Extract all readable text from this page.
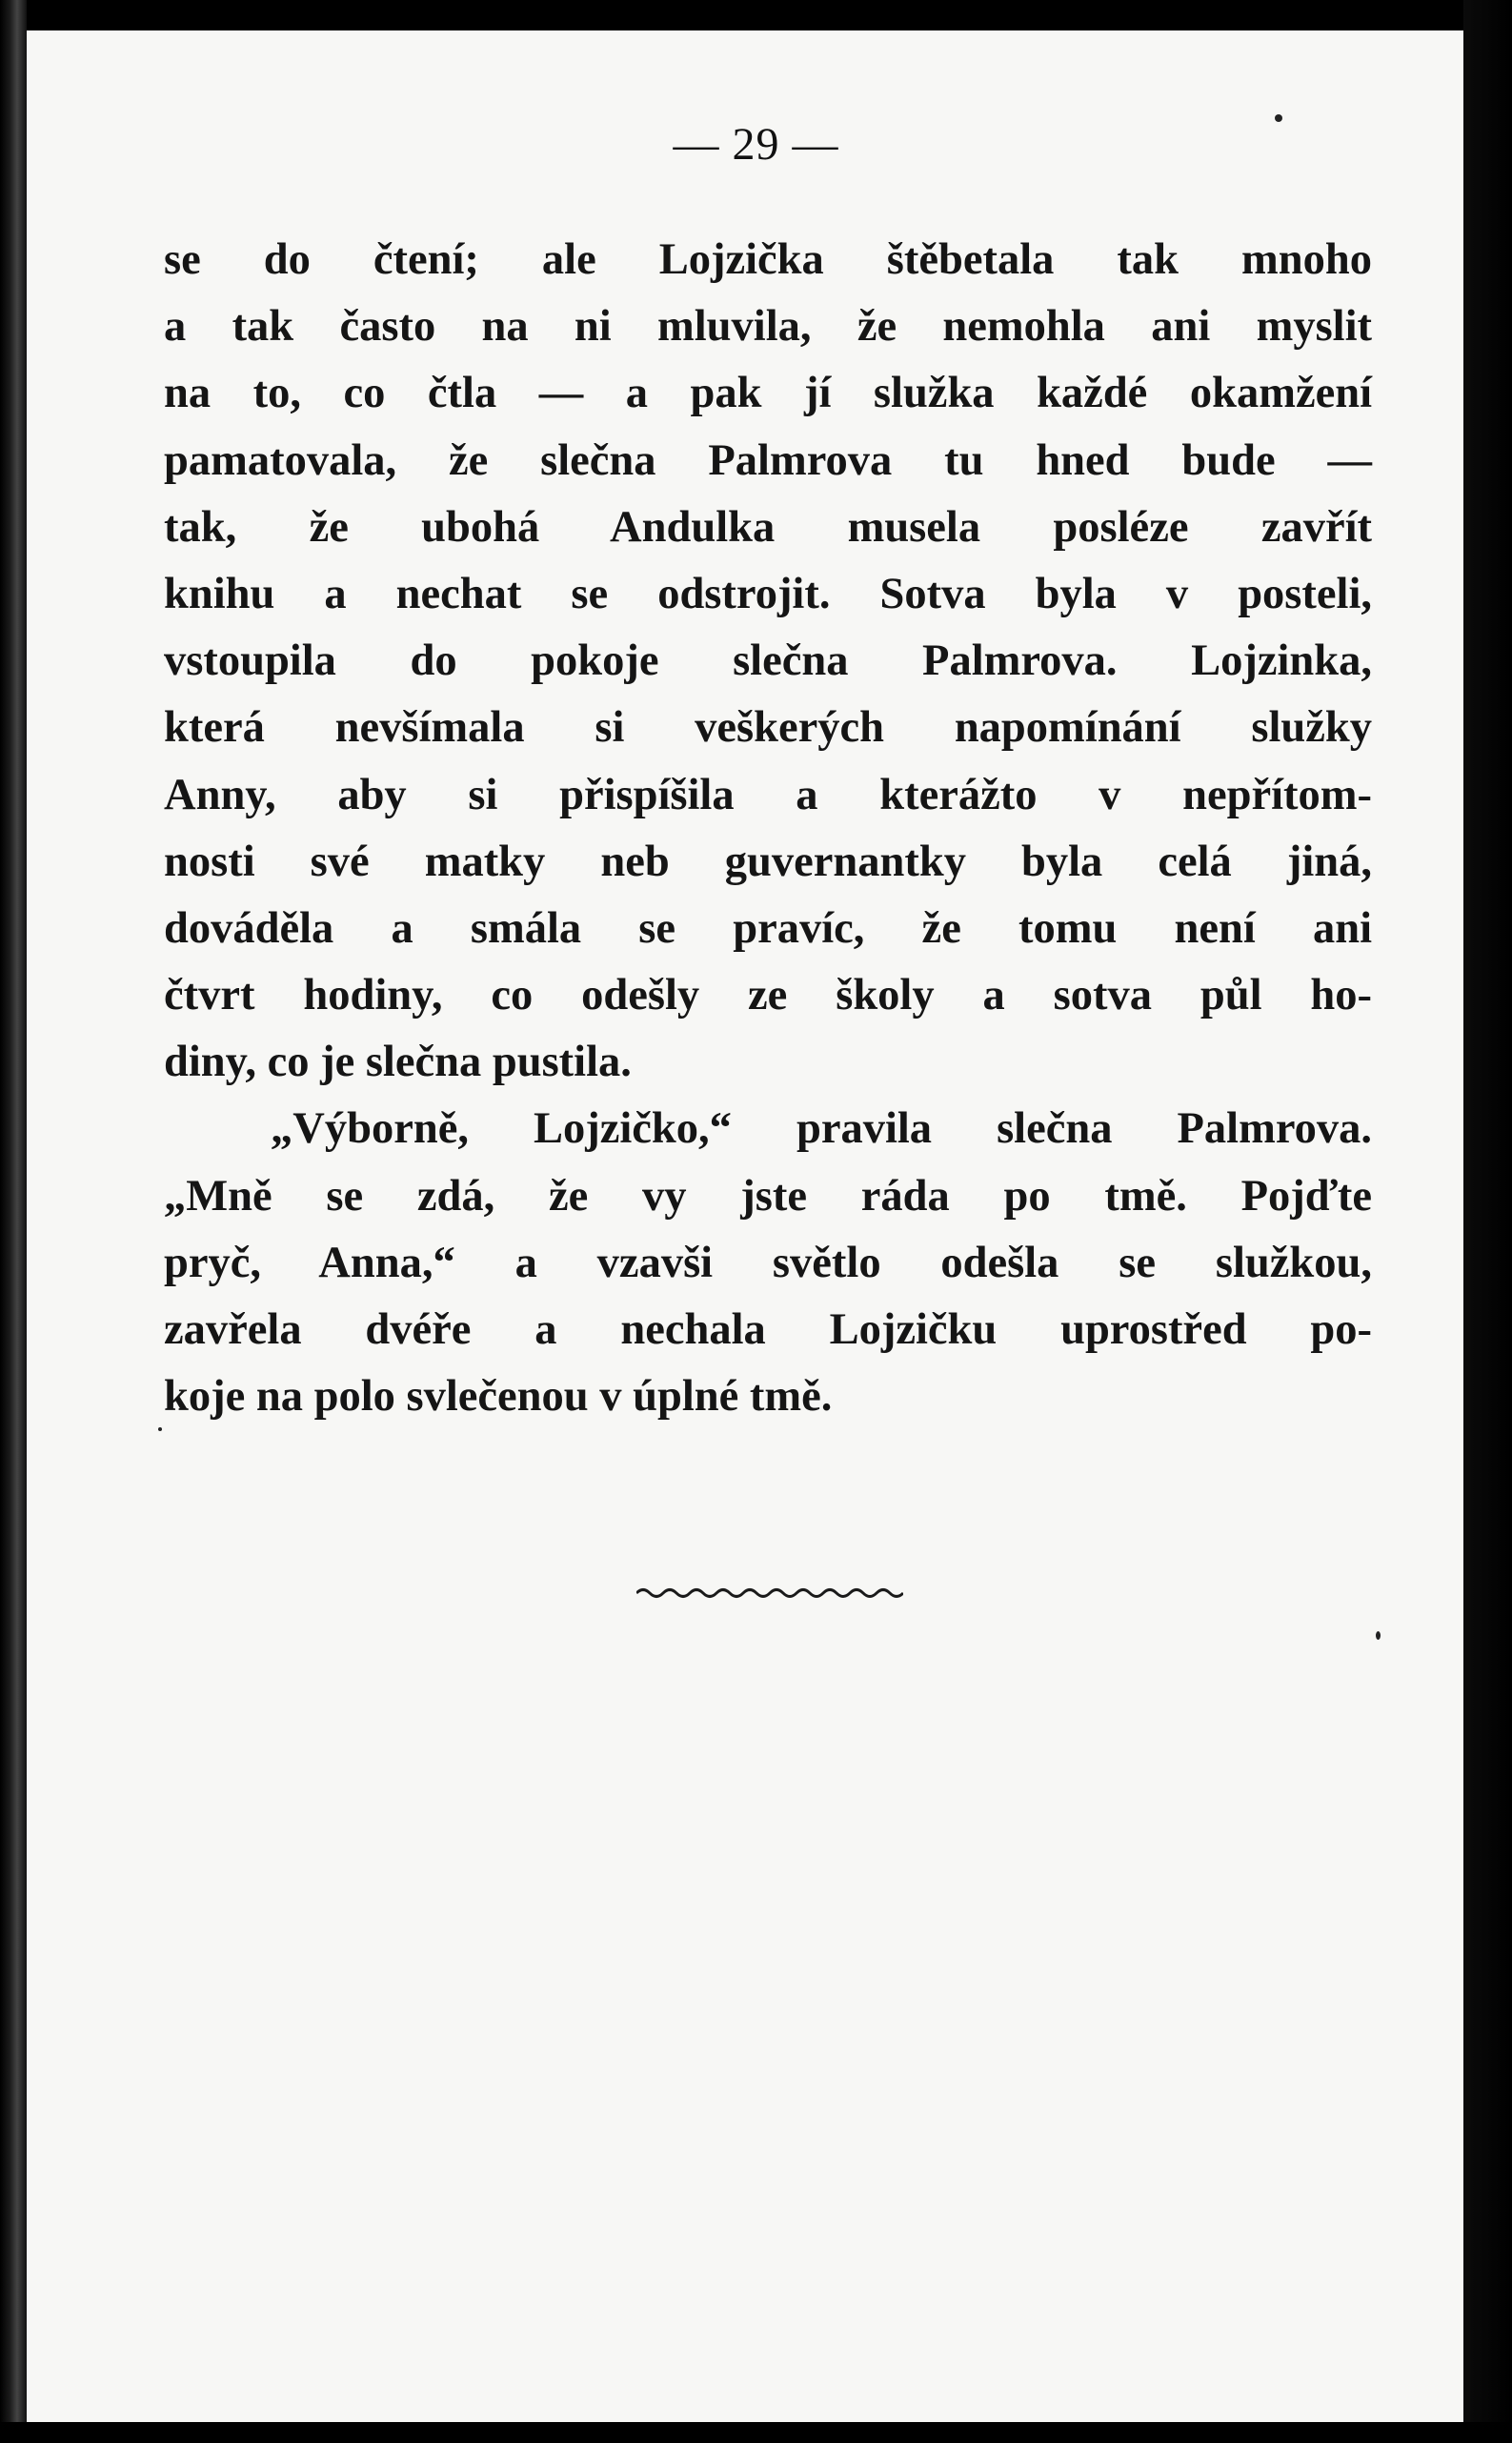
— 29 —
se do čtení; ale Lojzička štěbetala tak mnoho
a tak často na ni mluvila, že nemohla ani myslit
na to, co čtla — a pak jí služka každé okamžení
pamatovala, že slečna Palmrova tu hned bude —
tak, že ubohá Andulka musela posléze zavřít
knihu a nechat se odstrojit. Sotva byla v posteli,
vstoupila do pokoje slečna Palmrova. Lojzinka,
která nevšímala si veškerých napomínání služky
Anny, aby si přispíšila a kterážto v nepřítom-
nosti své matky neb guvernantky byla celá jiná,
dováděla a smála se pravíc, že tomu není ani
čtvrt hodiny, co odešly ze školy a sotva půl ho-
diny, co je slečna pustila.
„Výborně, Lojzičko,“ pravila slečna Palmrova.
„Mně se zdá, že vy jste ráda po tmě. Pojďte
pryč, Anna,“ a vzavši světlo odešla se služkou,
zavřela dvéře a nechala Lojzičku uprostřed po-
koje na polo svlečenou v úplné tmě.
